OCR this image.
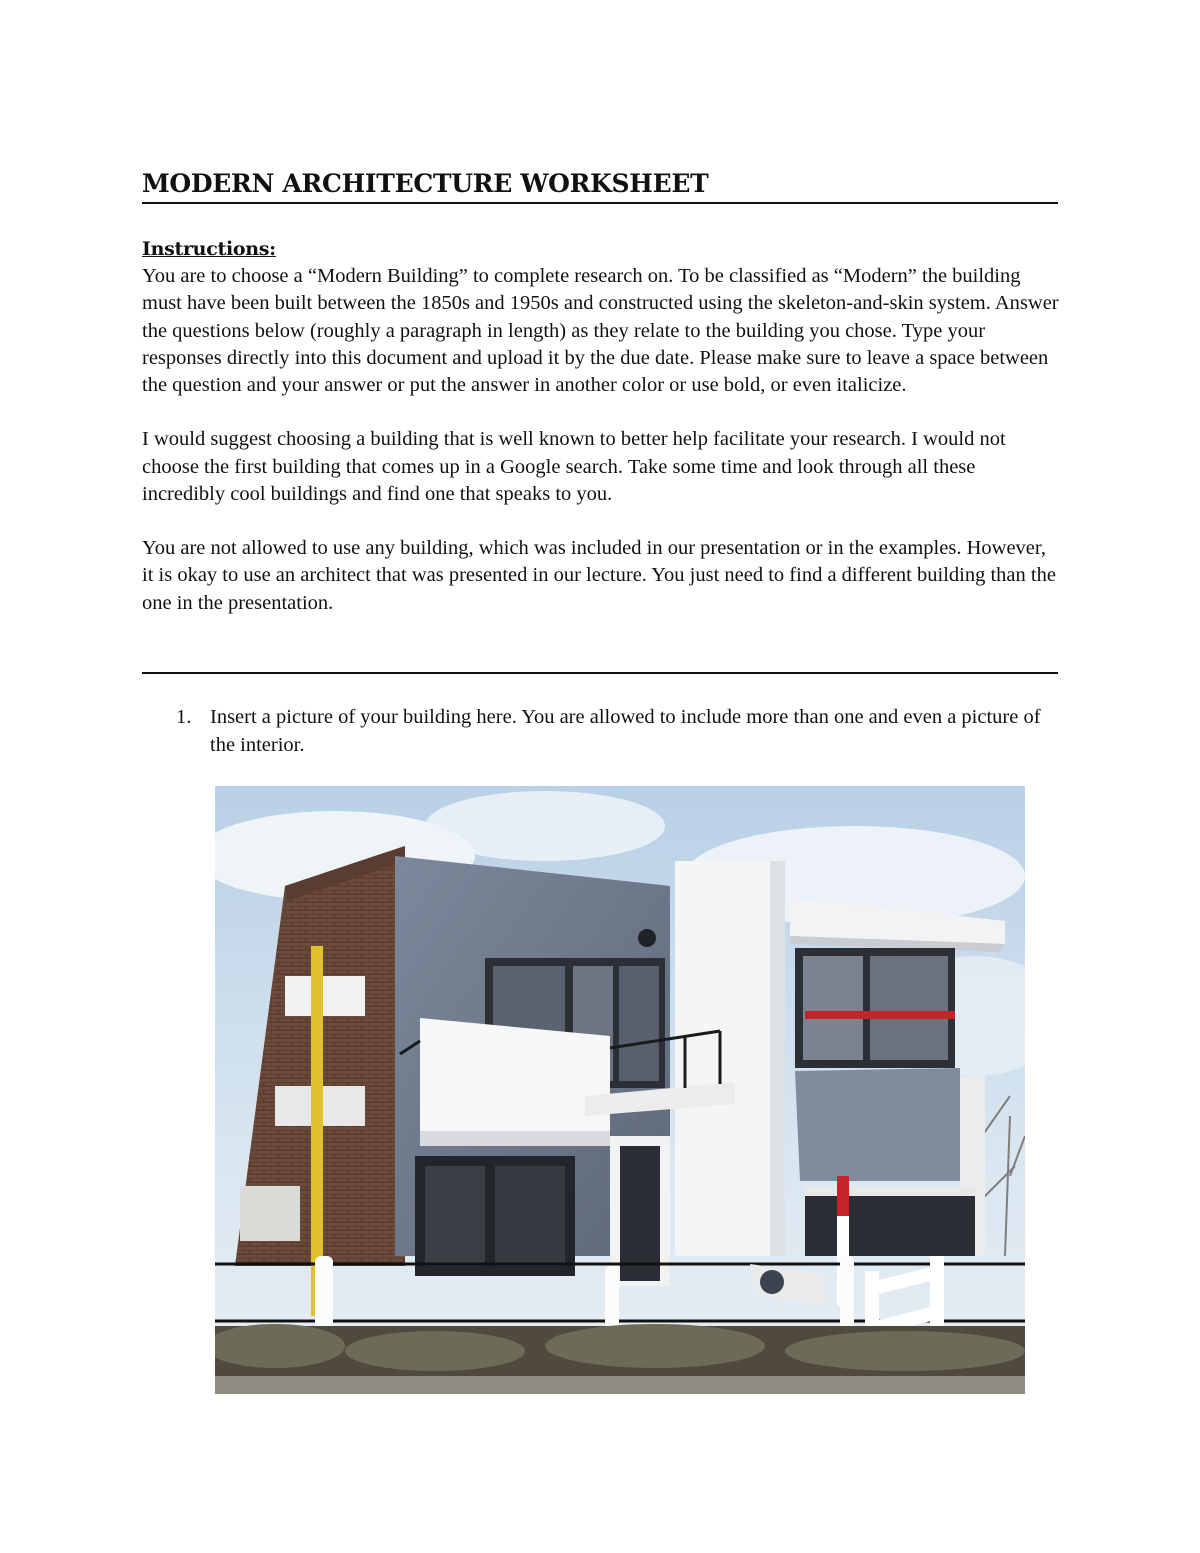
MODERN ARCHITECTURE WORKSHEET
Instructions:

You are to choose a “Modern Building” to complete research on. To be classified as “Modern” the building must have been built between the 1850s and 1950s and constructed using the skeleton-and-skin system. Answer the questions below (roughly a paragraph in length) as they relate to the building you chose. Type your responses directly into this document and upload it by the due date. Please make sure to leave a space between the question and your answer or put the answer in another color or use bold, or even italicize.

I would suggest choosing a building that is well known to better help facilitate your research. I would not choose the first building that comes up in a Google search. Take some time and look through all these incredibly cool buildings and find one that speaks to you.

You are not allowed to use any building, which was included in our presentation or in the examples. However, it is okay to use an architect that was presented in our lecture. You just need to find a different building than the one in the presentation.

1. Insert a picture of your building here. You are allowed to include more than one and even a picture of the interior.
